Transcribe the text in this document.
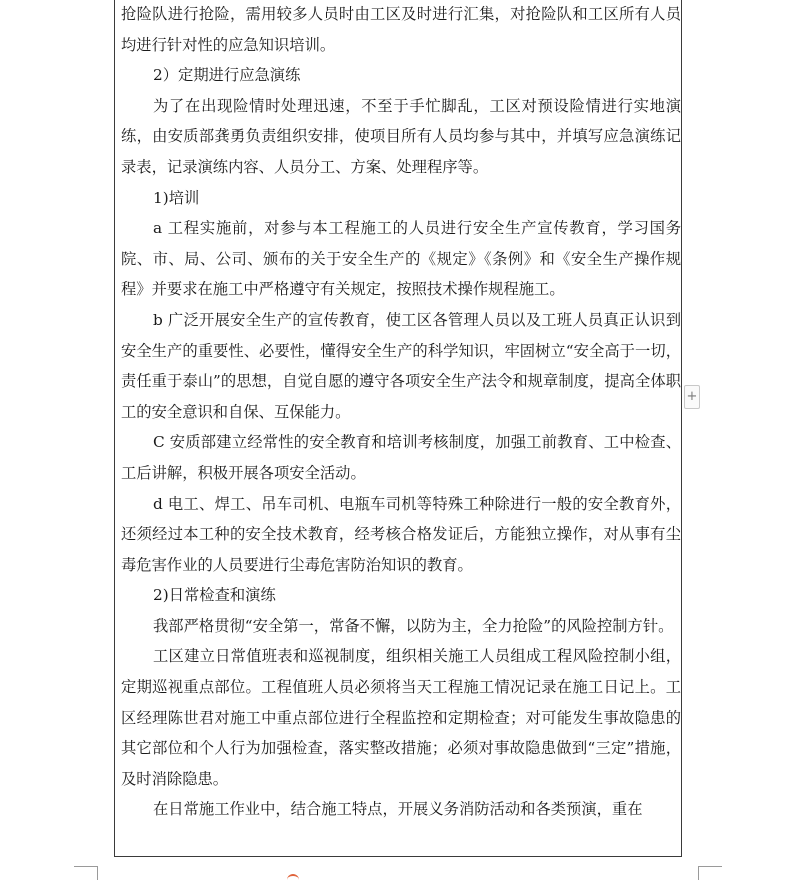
抢险队进行抢险，需用较多人员时由工区及时进行汇集，对抢险队和工区所有人员均进行针对性的应急知识培训。

2）定期进行应急演练

为了在出现险情时处理迅速，不至于手忙脚乱，工区对预设险情进行实地演练，由安质部龚勇负责组织安排，使项目所有人员均参与其中，并填写应急演练记录表，记录演练内容、人员分工、方案、处理程序等。

1)培训

a 工程实施前，对参与本工程施工的人员进行安全生产宣传教育，学习国务院、市、局、公司、颁布的关于安全生产的《规定》《条例》和《安全生产操作规程》并要求在施工中严格遵守有关规定，按照技术操作规程施工。

b 广泛开展安全生产的宣传教育，使工区各管理人员以及工班人员真正认识到安全生产的重要性、必要性，懂得安全生产的科学知识，牢固树立“安全高于一切，责任重于泰山”的思想，自觉自愿的遵守各项安全生产法令和规章制度，提高全体职工的安全意识和自保、互保能力。

C 安质部建立经常性的安全教育和培训考核制度，加强工前教育、工中检查、工后讲解，积极开展各项安全活动。

d 电工、焊工、吊车司机、电瓶车司机等特殊工种除进行一般的安全教育外，还须经过本工种的安全技术教育，经考核合格发证后，方能独立操作，对从事有尘毒危害作业的人员要进行尘毒危害防治知识的教育。

2)日常检查和演练

我部严格贯彻“安全第一，常备不懈，以防为主，全力抢险”的风险控制方针。

工区建立日常值班表和巡视制度，组织相关施工人员组成工程风险控制小组，定期巡视重点部位。工程值班人员必须将当天工程施工情况记录在施工日记上。工区经理陈世君对施工中重点部位进行全程监控和定期检查；对可能发生事故隐患的其它部位和个人行为加强检查，落实整改措施；必须对事故隐患做到“三定”措施，及时消除隐患。

在日常施工作业中，结合施工特点，开展义务消防活动和各类预演，重在

+
